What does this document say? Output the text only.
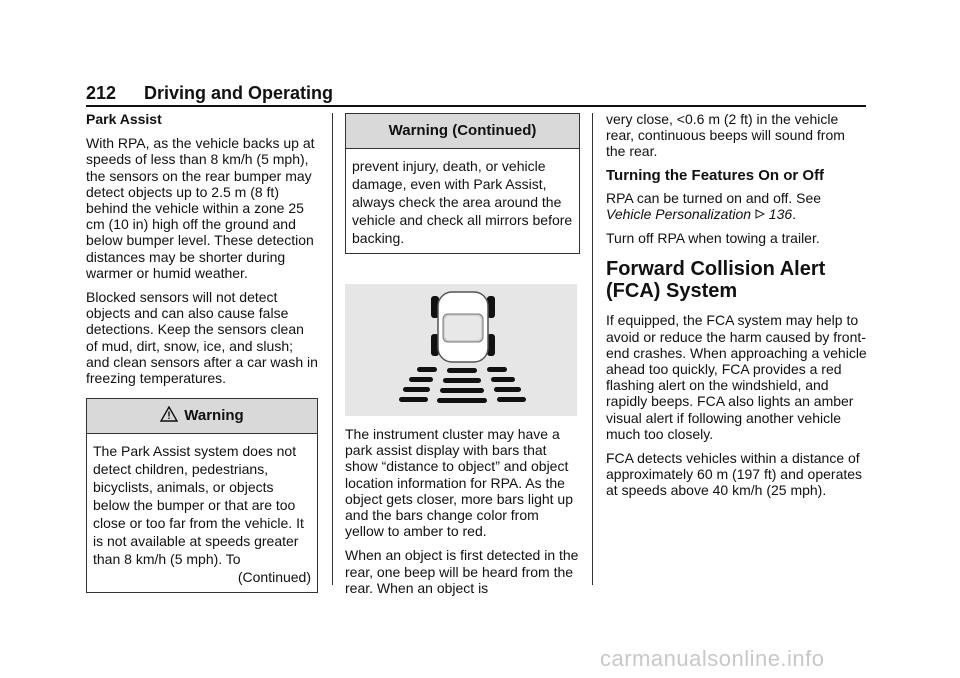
212 Driving and Operating

Park Assist

With RPA, as the vehicle backs up at speeds of less than 8 km/h (5 mph), the sensors on the rear bumper may detect objects up to 2.5 m (8 ft) behind the vehicle within a zone 25 cm (10 in) high off the ground and below bumper level. These detection distances may be shorter during warmer or humid weather.

Blocked sensors will not detect objects and can also cause false detections. Keep the sensors clean of mud, dirt, snow, ice, and slush; and clean sensors after a car wash in freezing temperatures.

Warning
The Park Assist system does not detect children, pedestrians, bicyclists, animals, or objects below the bumper or that are too close or too far from the vehicle. It is not available at speeds greater than 8 km/h (5 mph). To
(Continued)
Warning (Continued)
prevent injury, death, or vehicle damage, even with Park Assist, always check the area around the vehicle and check all mirrors before backing.

The instrument cluster may have a park assist display with bars that show “distance to object” and object location information for RPA. As the object gets closer, more bars light up and the bars change color from yellow to amber to red.

When an object is first detected in the rear, one beep will be heard from the rear. When an object is

very close, <0.6 m (2 ft) in the vehicle rear, continuous beeps will sound from the rear.

Turning the Features On or Off

RPA can be turned on and off. See Vehicle Personalization 136.

Turn off RPA when towing a trailer.

Forward Collision Alert
(FCA) System

If equipped, the FCA system may help to avoid or reduce the harm caused by front-end crashes. When approaching a vehicle ahead too quickly, FCA provides a red flashing alert on the windshield, and rapidly beeps. FCA also lights an amber visual alert if following another vehicle much too closely.

FCA detects vehicles within a distance of approximately 60 m (197 ft) and operates at speeds above 40 km/h (25 mph).

carmanualsonline.info
